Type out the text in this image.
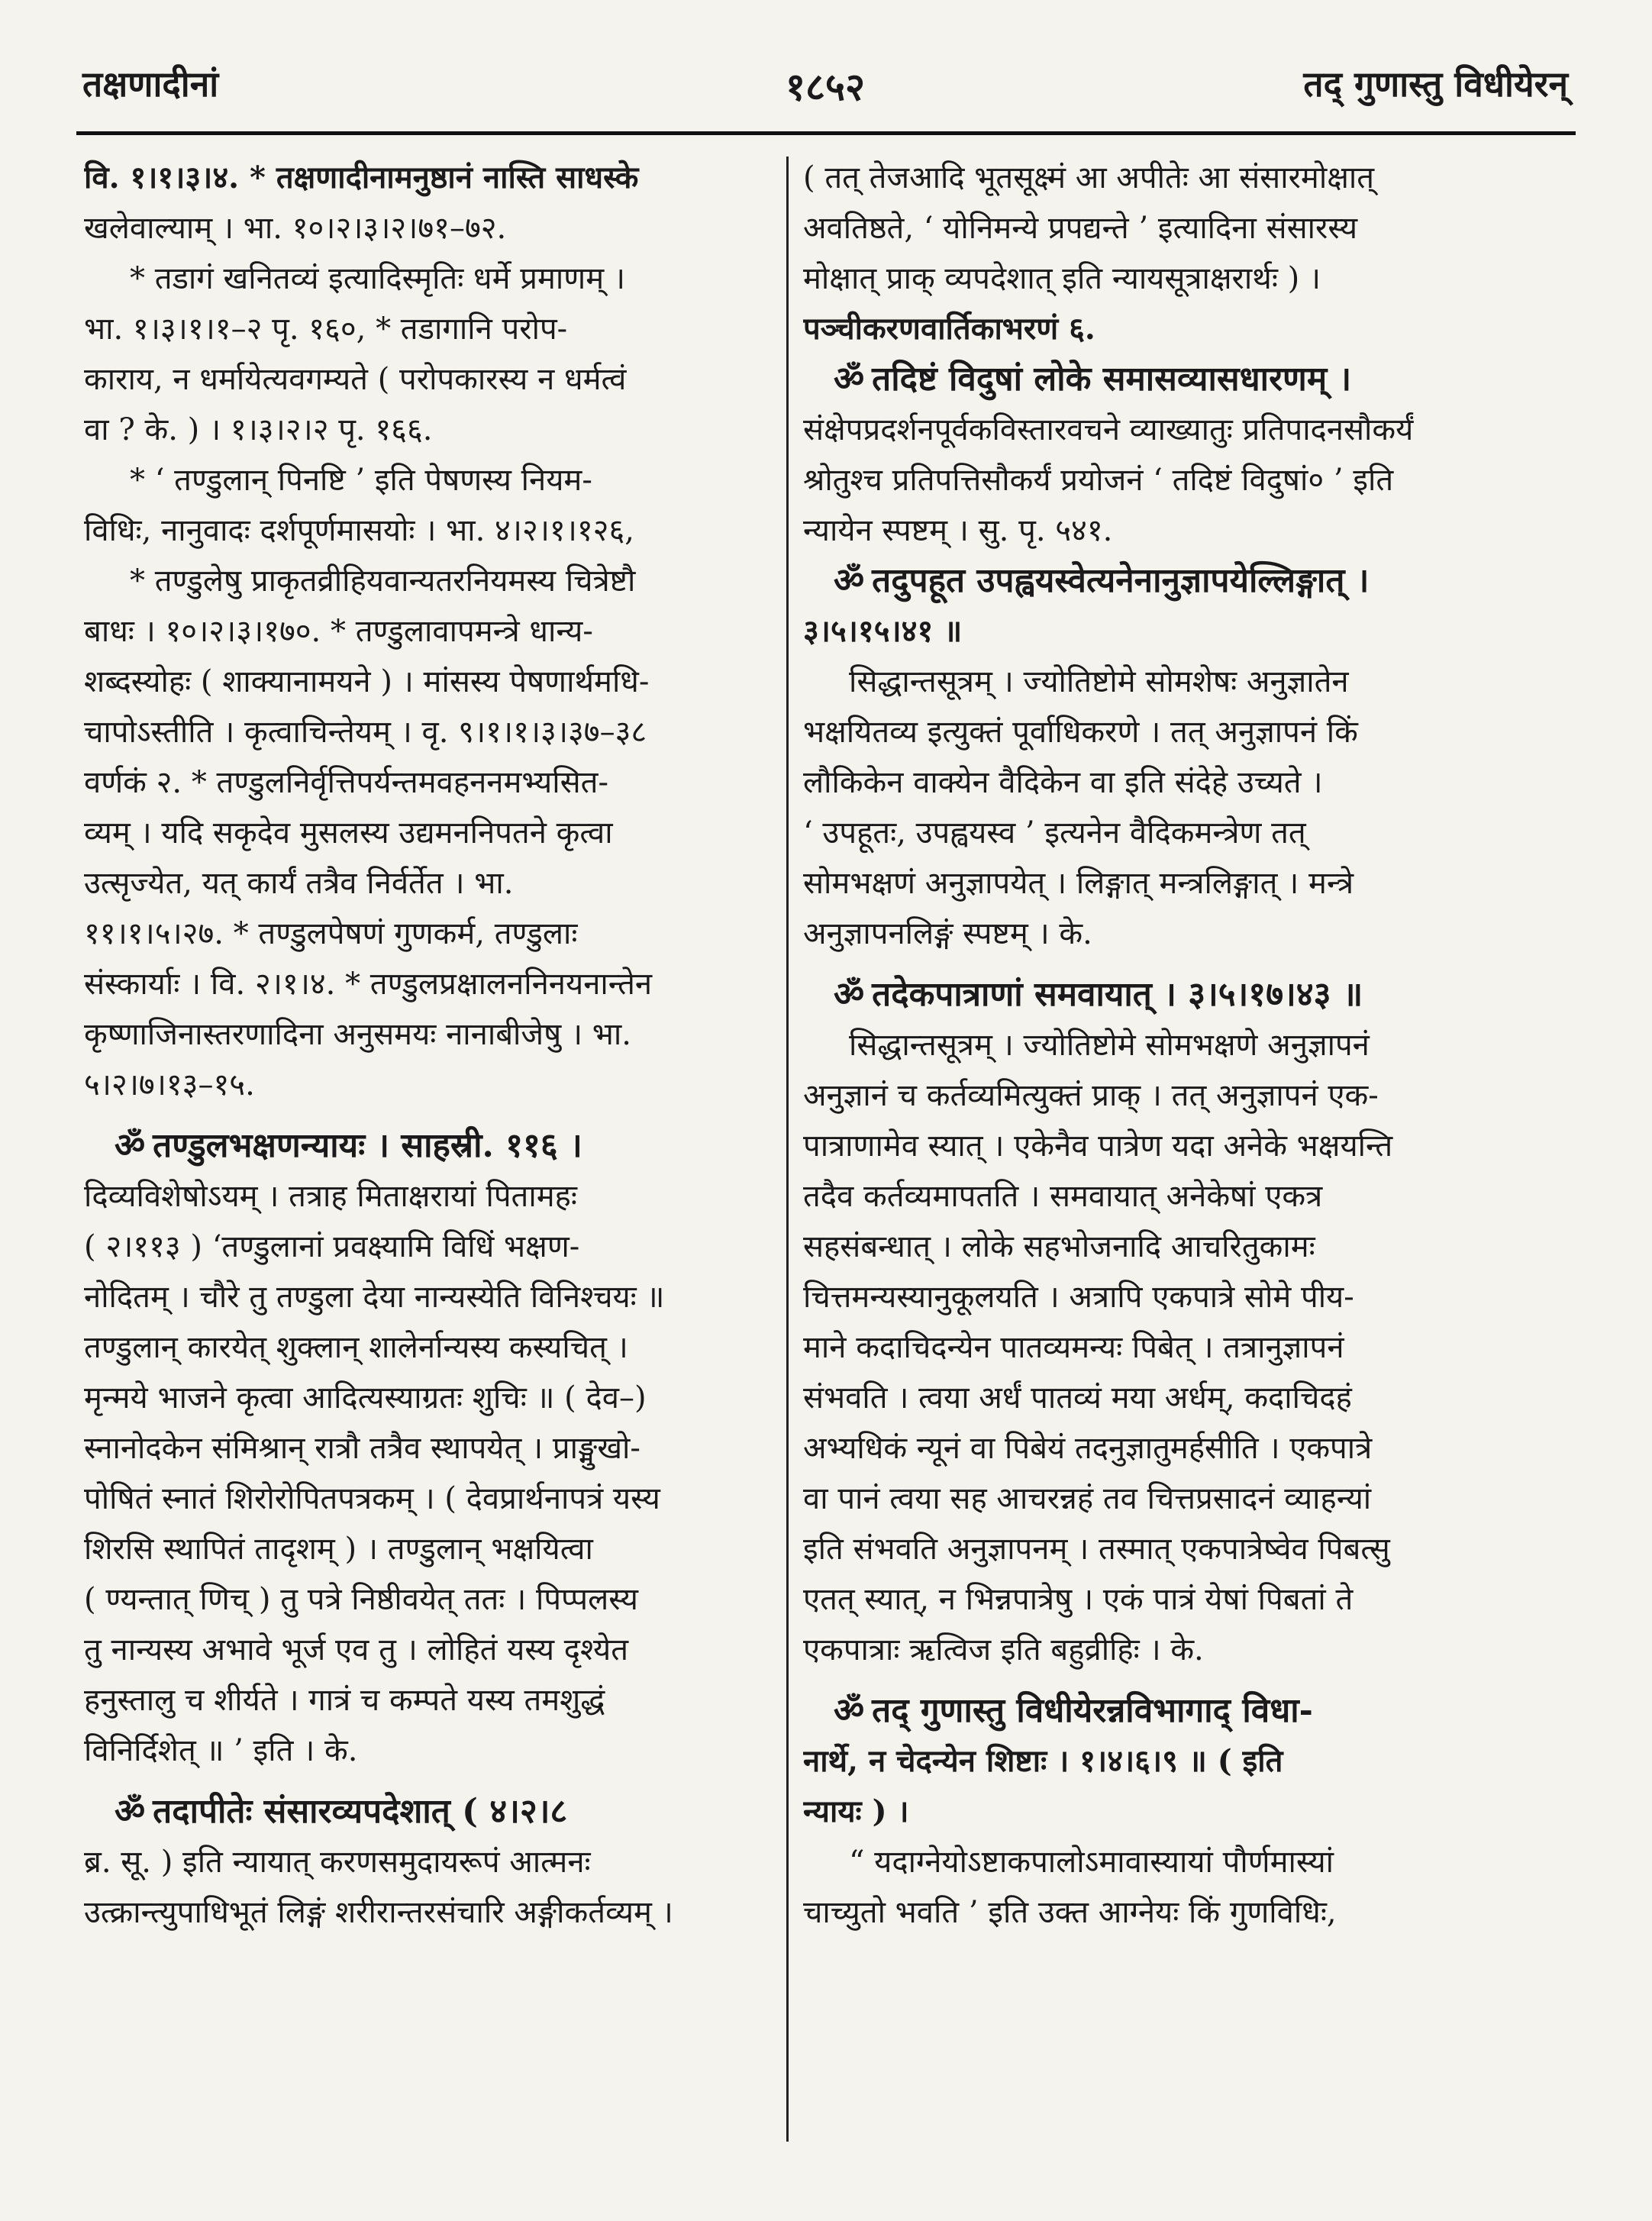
तक्षणादीनां	१८५२	तद् गुणास्तु विधीयेरन्
वि. १।१।३।४. * तक्षणादीनामनुष्ठानं नास्ति साधस्के
खलेवाल्याम् । भा. १०।२।३।२।७१–७२.
* तडागं खनितव्यं इत्यादिस्मृतिः धर्मे प्रमाणम् ।
भा. १।३।१।१–२ पृ. १६०, * तडागानि परोप-
काराय, न धर्मायेत्यवगम्यते ( परोपकारस्य न धर्मत्वं
वा ? के. ) । १।३।२।२ पृ. १६६.
* ‘ तण्डुलान् पिनष्टि ’ इति पेषणस्य नियम-
विधिः, नानुवादः दर्शपूर्णमासयोः । भा. ४।२।१।१२६,
* तण्डुलेषु प्राकृतव्रीहियवान्यतरनियमस्य चित्रेष्टौ
बाधः । १०।२।३।१७०. * तण्डुलावापमन्त्रे धान्य-
शब्दस्योहः ( शाक्यानामयने ) । मांसस्य पेषणार्थमधि-
चापोऽस्तीति । कृत्वाचिन्तेयम् । वृ. ९।१।१।३।३७–३८
वर्णकं २. * तण्डुलनिर्वृत्तिपर्यन्तमवहननमभ्यसित-
व्यम् । यदि सकृदेव मुसलस्य उद्यमननिपतने कृत्वा
उत्सृज्येत, यत् कार्यं तत्रैव निर्वर्तेत । भा.
११।१।५।२७. * तण्डुलपेषणं गुणकर्म, तण्डुलाः
संस्कार्याः । वि. २।१।४. * तण्डुलप्रक्षालननिनयनान्तेन
कृष्णाजिनास्तरणादिना अनुसमयः नानाबीजेषु । भा.
५।२।७।१३–१५.
ॐ तण्डुलभक्षणन्यायः । साहस्री. ११६ ।
दिव्यविशेषोऽयम् । तत्राह मिताक्षरायां पितामहः
( २।११३ ) ‘तण्डुलानां प्रवक्ष्यामि विधिं भक्षण-
नोदितम् । चौरे तु तण्डुला देया नान्यस्येति विनिश्चयः ॥
तण्डुलान् कारयेत् शुक्लान् शालेर्नान्यस्य कस्यचित् ।
मृन्मये भाजने कृत्वा आदित्यस्याग्रतः शुचिः ॥ ( देव–)
स्नानोदकेन संमिश्रान् रात्रौ तत्रैव स्थापयेत् । प्राङ्मुखो-
पोषितं स्नातं शिरोरोपितपत्रकम् । ( देवप्रार्थनापत्रं यस्य
शिरसि स्थापितं तादृशम् ) । तण्डुलान् भक्षयित्वा
( ण्यन्तात् णिच् ) तु पत्रे निष्ठीवयेत् ततः । पिप्पलस्य
तु नान्यस्य अभावे भूर्ज एव तु । लोहितं यस्य दृश्येत
हनुस्तालु च शीर्यते । गात्रं च कम्पते यस्य तमशुद्धं
विनिर्दिशेत् ॥ ’ इति । के.
ॐ तदापीतेः संसारव्यपदेशात् ( ४।२।८
ब्र. सू. ) इति न्यायात् करणसमुदायरूपं आत्मनः
उत्क्रान्त्युपाधिभूतं लिङ्गं शरीरान्तरसंचारि अङ्गीकर्तव्यम् ।
( तत् तेजआदि भूतसूक्ष्मं आ अपीतेः आ संसारमोक्षात्
अवतिष्ठते, ‘ योनिमन्ये प्रपद्यन्ते ’ इत्यादिना संसारस्य
मोक्षात् प्राक् व्यपदेशात् इति न्यायसूत्राक्षरार्थः ) ।
पञ्चीकरणवार्तिकाभरणं ६.
ॐ तदिष्टं विदुषां लोके समासव्यासधारणम् ।
संक्षेपप्रदर्शनपूर्वकविस्तारवचने व्याख्यातुः प्रतिपादनसौकर्यं
श्रोतुश्च प्रतिपत्तिसौकर्यं प्रयोजनं ‘ तदिष्टं विदुषां० ’ इति
न्यायेन स्पष्टम् । सु. पृ. ५४१.
ॐ तदुपहूत उपह्वयस्वेत्यनेनानुज्ञापयेल्लिङ्गात् ।
३।५।१५।४१ ॥
सिद्धान्तसूत्रम् । ज्योतिष्टोमे सोमशेषः अनुज्ञातेन
भक्षयितव्य इत्युक्तं पूर्वाधिकरणे । तत् अनुज्ञापनं किं
लौकिकेन वाक्येन वैदिकेन वा इति संदेहे उच्यते ।
‘ उपहूतः, उपह्वयस्व ’ इत्यनेन वैदिकमन्त्रेण तत्
सोमभक्षणं अनुज्ञापयेत् । लिङ्गात् मन्त्रलिङ्गात् । मन्त्रे
अनुज्ञापनलिङ्गं स्पष्टम् । के.
ॐ तदेकपात्राणां समवायात् । ३।५।१७।४३ ॥
सिद्धान्तसूत्रम् । ज्योतिष्टोमे सोमभक्षणे अनुज्ञापनं
अनुज्ञानं च कर्तव्यमित्युक्तं प्राक् । तत् अनुज्ञापनं एक-
पात्राणामेव स्यात् । एकेनैव पात्रेण यदा अनेके भक्षयन्ति
तदैव कर्तव्यमापतति । समवायात् अनेकेषां एकत्र
सहसंबन्धात् । लोके सहभोजनादि आचरितुकामः
चित्तमन्यस्यानुकूलयति । अत्रापि एकपात्रे सोमे पीय-
माने कदाचिदन्येन पातव्यमन्यः पिबेत् । तत्रानुज्ञापनं
संभवति । त्वया अर्धं पातव्यं मया अर्धम्, कदाचिदहं
अभ्यधिकं न्यूनं वा पिबेयं तदनुज्ञातुमर्हसीति । एकपात्रे
वा पानं त्वया सह आचरन्नहं तव चित्तप्रसादनं व्याहन्यां
इति संभवति अनुज्ञापनम् । तस्मात् एकपात्रेष्वेव पिबत्सु
एतत् स्यात्, न भिन्नपात्रेषु । एकं पात्रं येषां पिबतां ते
एकपात्राः ऋत्विज इति बहुव्रीहिः । के.
ॐ तद् गुणास्तु विधीयेरन्नविभागाद् विधा-
नार्थे, न चेदन्येन शिष्टाः । १।४।६।९ ॥ ( इति
न्यायः ) ।
“ यदाग्नेयोऽष्टाकपालोऽमावास्यायां पौर्णमास्यां
चाच्युतो भवति ’ इति उक्त आग्नेयः किं गुणविधिः,
